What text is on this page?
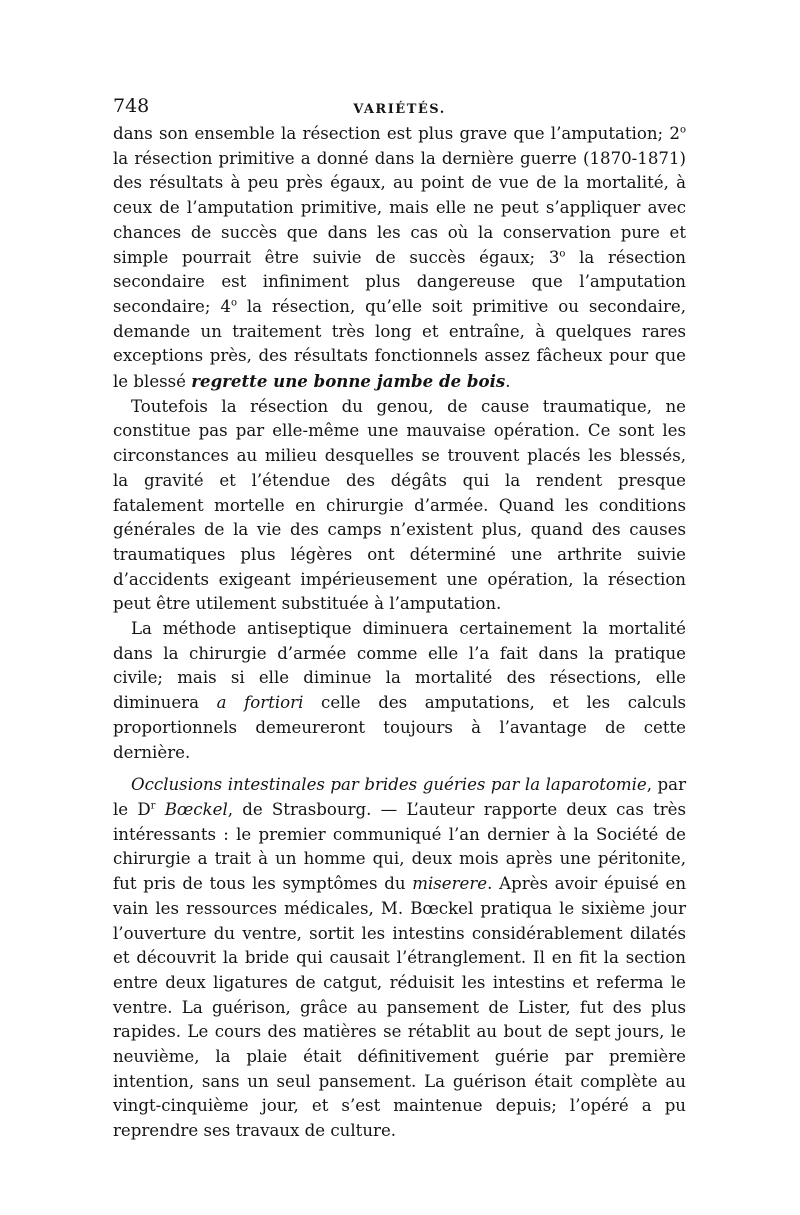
748	VARIÉTÉS.

dans son ensemble la résection est plus grave que l’amputation; 2$^o$ la résection primitive a donné dans la dernière guerre (1870-1871) des résultats à peu près égaux, au point de vue de la mortalité, à ceux de l’amputation primitive, mais elle ne peut s’appliquer avec chances de succès que dans les cas où la conservation pure et simple pourrait être suivie de succès égaux; 3$^o$ la résection secondaire est infiniment plus dangereuse que l’amputation secondaire; 4$^o$ la résection, qu’elle soit primitive ou secondaire, demande un traitement très long et entraîne, à quelques rares exceptions près, des résultats fonctionnels assez fâcheux pour que le blessé regrette une bonne jambe de bois.

Toutefois la résection du genou, de cause traumatique, ne constitue pas par elle-même une mauvaise opération. Ce sont les circonstances au milieu desquelles se trouvent placés les blessés, la gravité et l’étendue des dégâts qui la rendent presque fatalement mortelle en chirurgie d’armée. Quand les conditions générales de la vie des camps n’existent plus, quand des causes traumatiques plus légères ont déterminé une arthrite suivie d’accidents exigeant impérieusement une opération, la résection peut être utilement substituée à l’amputation.

La méthode antiseptique diminuera certainement la mortalité dans la chirurgie d’armée comme elle l’a fait dans la pratique civile; mais si elle diminue la mortalité des résections, elle diminuera a fortiori celle des amputations, et les calculs proportionnels demeureront toujours à l’avantage de cette dernière.

Occlusions intestinales par brides guéries par la laparotomie, par le $D^r$ Bœckel, de Strasbourg. — L’auteur rapporte deux cas très intéressants : le premier communiqué l’an dernier à la Société de chirurgie a trait à un homme qui, deux mois après une péritonite, fut pris de tous les symptômes du miserere. Après avoir épuisé en vain les ressources médicales, M. Bœckel pratiqua le sixième jour l’ouverture du ventre, sortit les intestins considérablement dilatés et découvrit la bride qui causait l’étranglement. Il en fit la section entre deux ligatures de catgut, réduisit les intestins et referma le ventre. La guérison, grâce au pansement de Lister, fut des plus rapides. Le cours des matières se rétablit au bout de sept jours, le neuvième, la plaie était définitivement guérie par première intention, sans un seul pansement. La guérison était complète au vingt-cinquième jour, et s’est maintenue depuis; l’opéré a pu reprendre ses travaux de culture.
